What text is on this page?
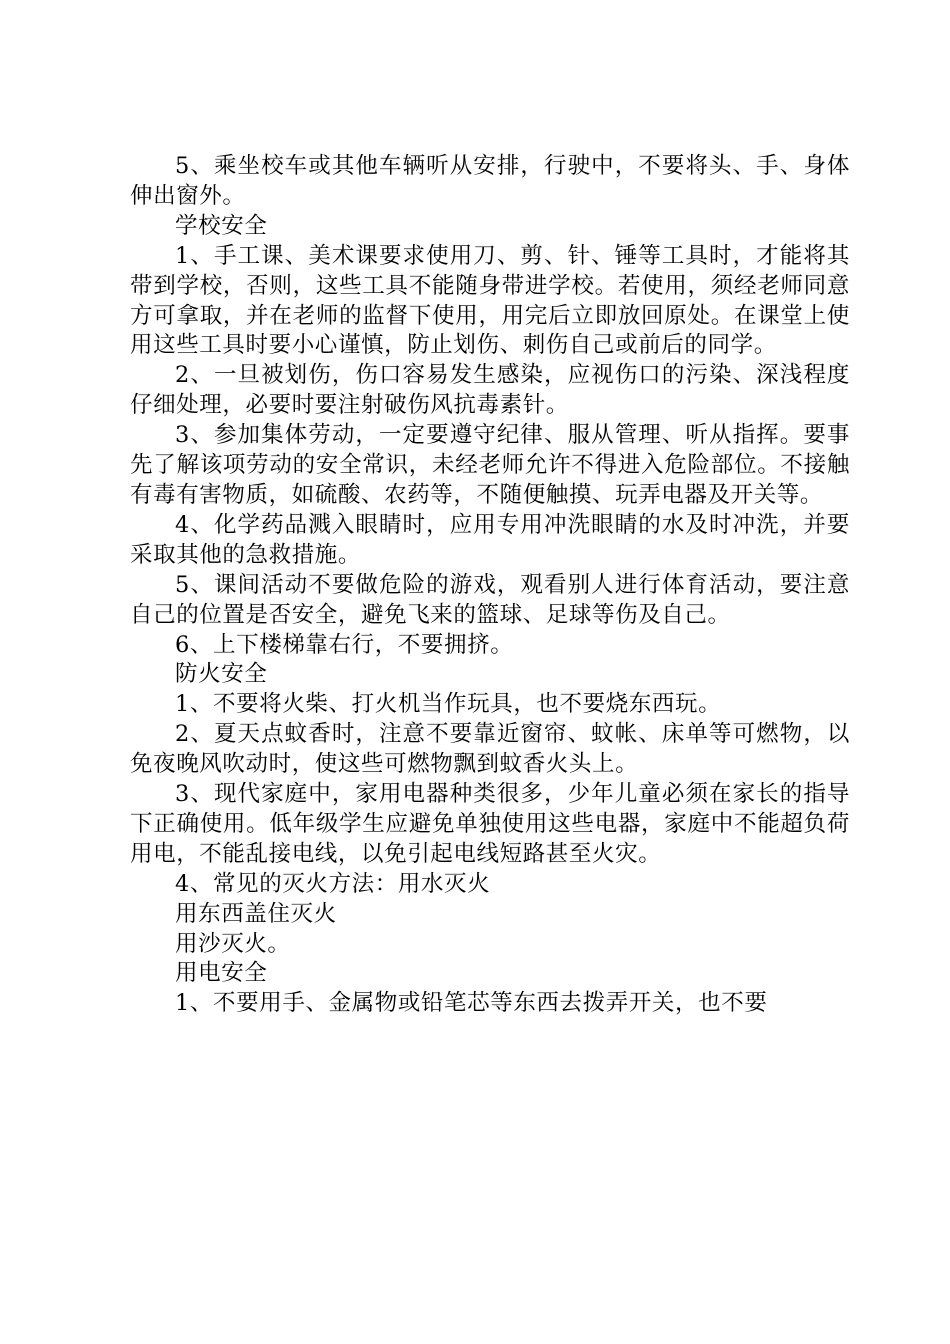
5、乘坐校车或其他车辆听从安排，行驶中，不要将头、手、身体伸出窗外。

学校安全

1、手工课、美术课要求使用刀、剪、针、锤等工具时，才能将其带到学校，否则，这些工具不能随身带进学校。若使用，须经老师同意方可拿取，并在老师的监督下使用，用完后立即放回原处。在课堂上使用这些工具时要小心谨慎，防止划伤、刺伤自己或前后的同学。

2、一旦被划伤，伤口容易发生感染，应视伤口的污染、深浅程度仔细处理，必要时要注射破伤风抗毒素针。

3、参加集体劳动，一定要遵守纪律、服从管理、听从指挥。要事先了解该项劳动的安全常识，未经老师允许不得进入危险部位。不接触有毒有害物质，如硫酸、农药等，不随便触摸、玩弄电器及开关等。

4、化学药品溅入眼睛时，应用专用冲洗眼睛的水及时冲洗，并要采取其他的急救措施。

5、课间活动不要做危险的游戏，观看别人进行体育活动，要注意自己的位置是否安全，避免飞来的篮球、足球等伤及自己。

6、上下楼梯靠右行，不要拥挤。

防火安全

1、不要将火柴、打火机当作玩具，也不要烧东西玩。

2、夏天点蚊香时，注意不要靠近窗帘、蚊帐、床单等可燃物，以免夜晚风吹动时，使这些可燃物飘到蚊香火头上。

3、现代家庭中，家用电器种类很多，少年儿童必须在家长的指导下正确使用。低年级学生应避免单独使用这些电器，家庭中不能超负荷用电，不能乱接电线，以免引起电线短路甚至火灾。

4、常见的灭火方法：用水灭火

用东西盖住灭火

用沙灭火。

用电安全

1、不要用手、金属物或铅笔芯等东西去拨弄开关，也不要
